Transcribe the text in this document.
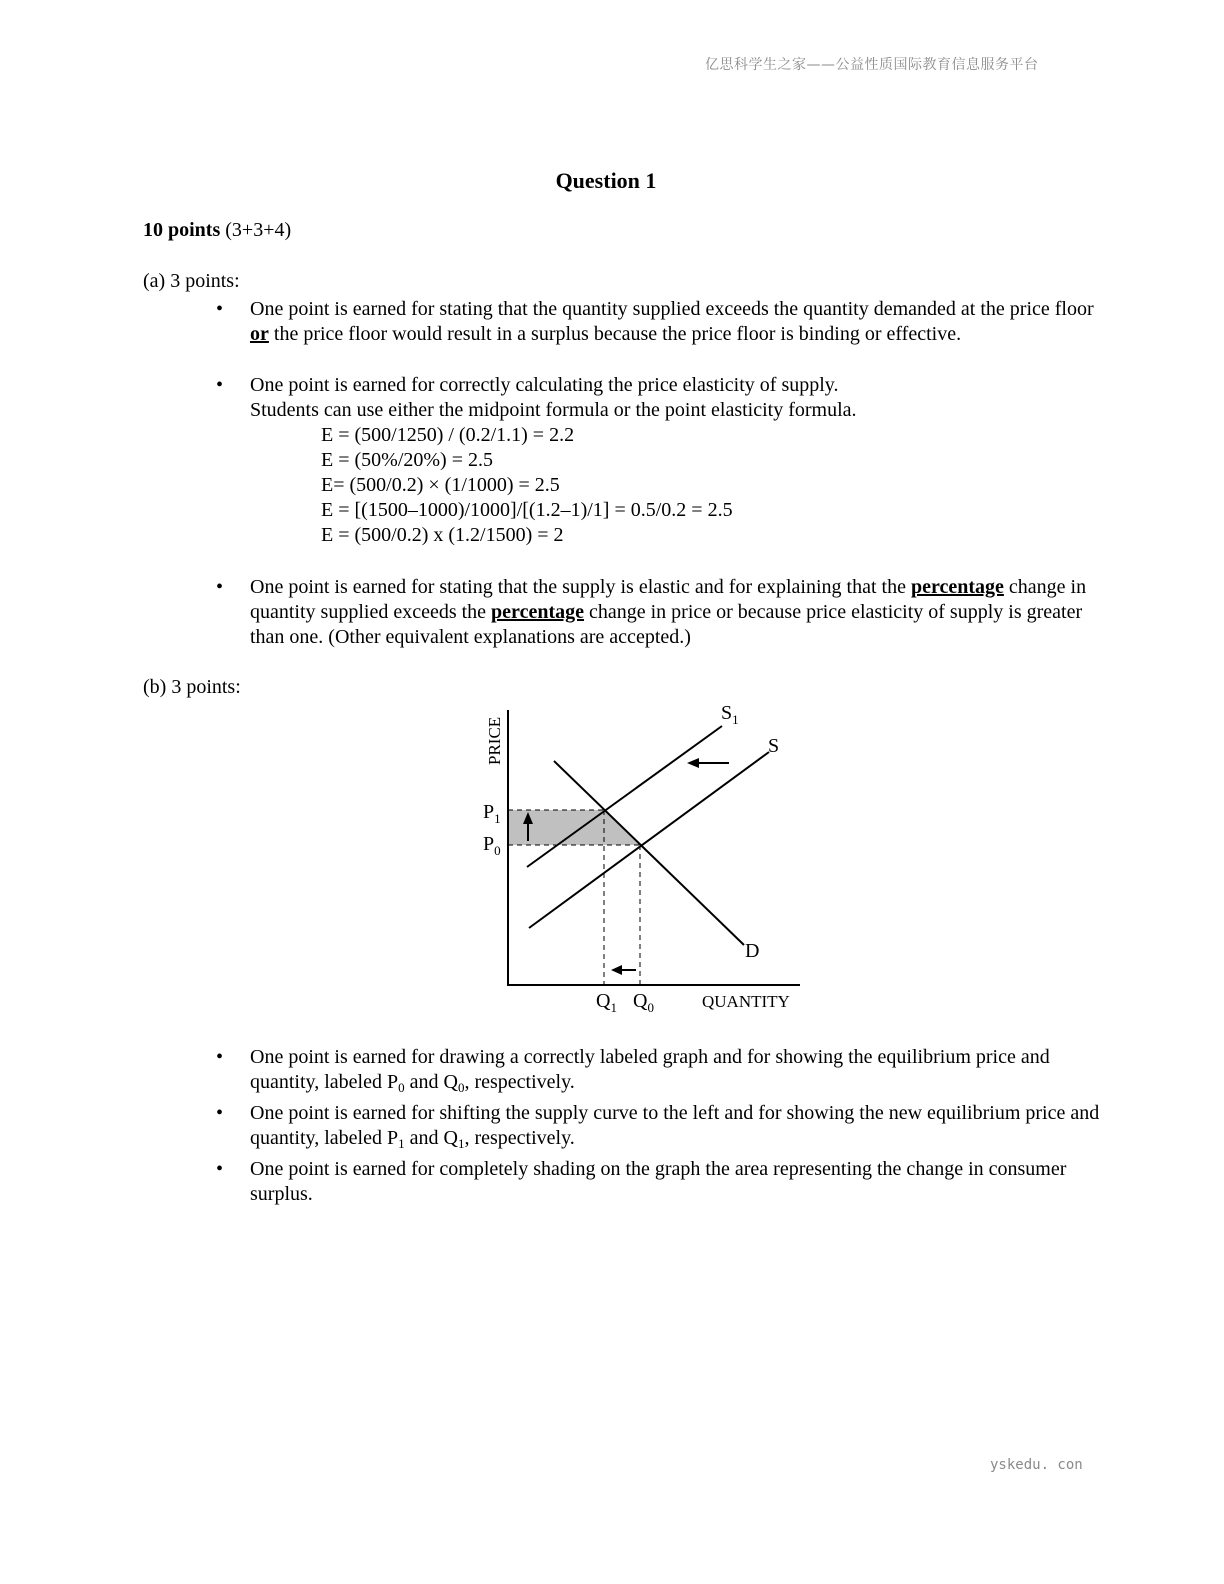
亿思科学生之家——公益性质国际教育信息服务平台
Question 1
10 points (3+3+4)
(a) 3 points:
• One point is earned for stating that the quantity supplied exceeds the quantity demanded at the price floor or the price floor would result in a surplus because the price floor is binding or effective.
• One point is earned for correctly calculating the price elasticity of supply.
Students can use either the midpoint formula or the point elasticity formula.
E = (500/1250) / (0.2/1.1) = 2.2
E = (50%/20%) = 2.5
E= (500/0.2) × (1/1000) = 2.5
E = [(1500–1000)/1000]/[(1.2–1)/1] = 0.5/0.2 = 2.5
E = (500/0.2) x (1.2/1500) = 2
• One point is earned for stating that the supply is elastic and for explaining that the percentage change in quantity supplied exceeds the percentage change in price or because price elasticity of supply is greater than one. (Other equivalent explanations are accepted.)
(b) 3 points:
PRICE
QUANTITY
$S_1$
S
D
$P_1$
$P_0$
$Q_1$ $Q_0$
• One point is earned for drawing a correctly labeled graph and for showing the equilibrium price and quantity, labeled $P_0$ and $Q_0$, respectively.
• One point is earned for shifting the supply curve to the left and for showing the new equilibrium price and quantity, labeled $P_1$ and $Q_1$, respectively.
• One point is earned for completely shading on the graph the area representing the change in consumer surplus.
yskedu. con
